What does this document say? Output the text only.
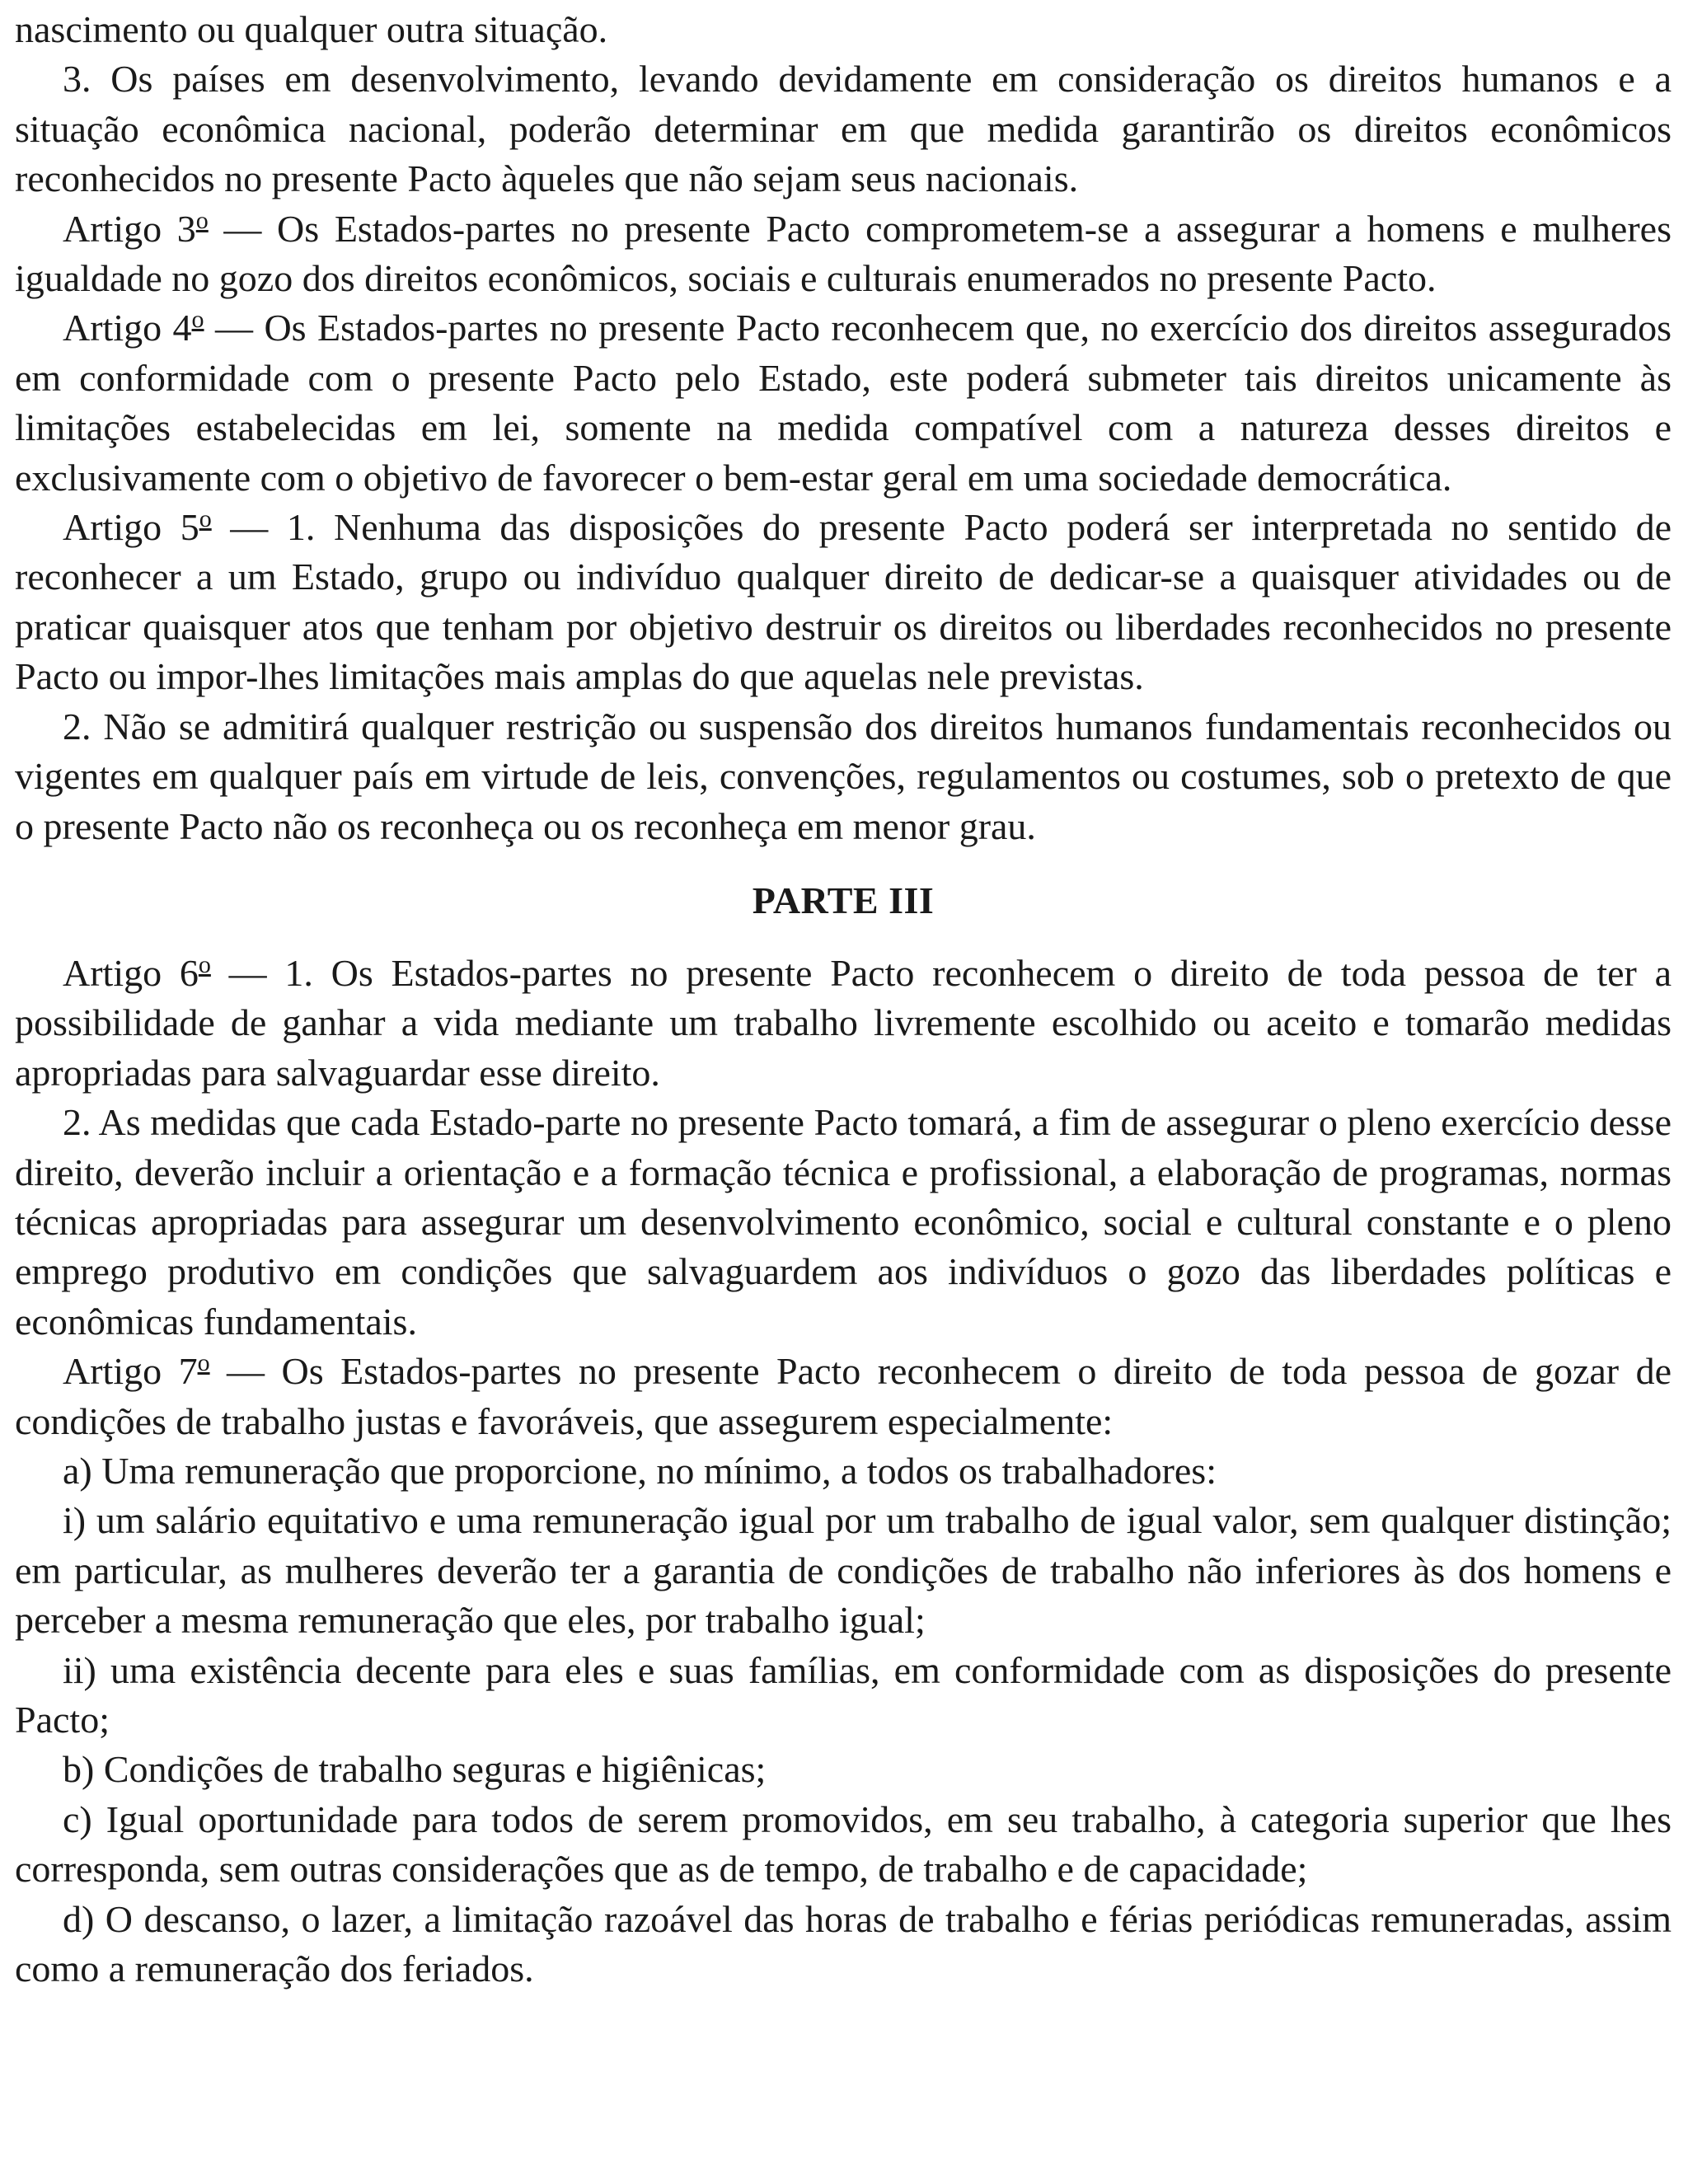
nascimento ou qualquer outra situação.

3. Os países em desenvolvimento, levando devidamente em consideração os direitos humanos e a situação econômica nacional, poderão determinar em que medida garantirão os direitos econômicos reconhecidos no presente Pacto àqueles que não sejam seus nacionais.

Artigo 3$^o$ — Os Estados-partes no presente Pacto comprometem-se a assegurar a homens e mulheres igualdade no gozo dos direitos econômicos, sociais e culturais enumerados no presente Pacto.

Artigo 4$^o$ — Os Estados-partes no presente Pacto reconhecem que, no exercício dos direitos assegurados em conformidade com o presente Pacto pelo Estado, este poderá submeter tais direitos unicamente às limitações estabelecidas em lei, somente na medida compatível com a natureza desses direitos e exclusivamente com o objetivo de favorecer o bem-estar geral em uma sociedade democrática.

Artigo 5$^o$ — 1. Nenhuma das disposições do presente Pacto poderá ser interpretada no sentido de reconhecer a um Estado, grupo ou indivíduo qualquer direito de dedicar-se a quaisquer atividades ou de praticar quaisquer atos que tenham por objetivo destruir os direitos ou liberdades reconhecidos no presente Pacto ou impor-lhes limitações mais amplas do que aquelas nele previstas.

2. Não se admitirá qualquer restrição ou suspensão dos direitos humanos fundamentais reconhecidos ou vigentes em qualquer país em virtude de leis, convenções, regulamentos ou costumes, sob o pretexto de que o presente Pacto não os reconheça ou os reconheça em menor grau.

PARTE III

Artigo 6$^o$ — 1. Os Estados-partes no presente Pacto reconhecem o direito de toda pessoa de ter a possibilidade de ganhar a vida mediante um trabalho livremente escolhido ou aceito e tomarão medidas apropriadas para salvaguardar esse direito.

2. As medidas que cada Estado-parte no presente Pacto tomará, a fim de assegurar o pleno exercício desse direito, deverão incluir a orientação e a formação técnica e profissional, a elaboração de programas, normas técnicas apropriadas para assegurar um desenvolvimento econômico, social e cultural constante e o pleno emprego produtivo em condições que salvaguardem aos indivíduos o gozo das liberdades políticas e econômicas fundamentais.

Artigo 7$^o$ — Os Estados-partes no presente Pacto reconhecem o direito de toda pessoa de gozar de condições de trabalho justas e favoráveis, que assegurem especialmente:

a) Uma remuneração que proporcione, no mínimo, a todos os trabalhadores:

i) um salário equitativo e uma remuneração igual por um trabalho de igual valor, sem qualquer distinção; em particular, as mulheres deverão ter a garantia de condições de trabalho não inferiores às dos homens e perceber a mesma remuneração que eles, por trabalho igual;

ii) uma existência decente para eles e suas famílias, em conformidade com as disposições do presente Pacto;

b) Condições de trabalho seguras e higiênicas;

c) Igual oportunidade para todos de serem promovidos, em seu trabalho, à categoria superior que lhes corresponda, sem outras considerações que as de tempo, de trabalho e de capacidade;

d) O descanso, o lazer, a limitação razoável das horas de trabalho e férias periódicas remuneradas, assim como a remuneração dos feriados.
